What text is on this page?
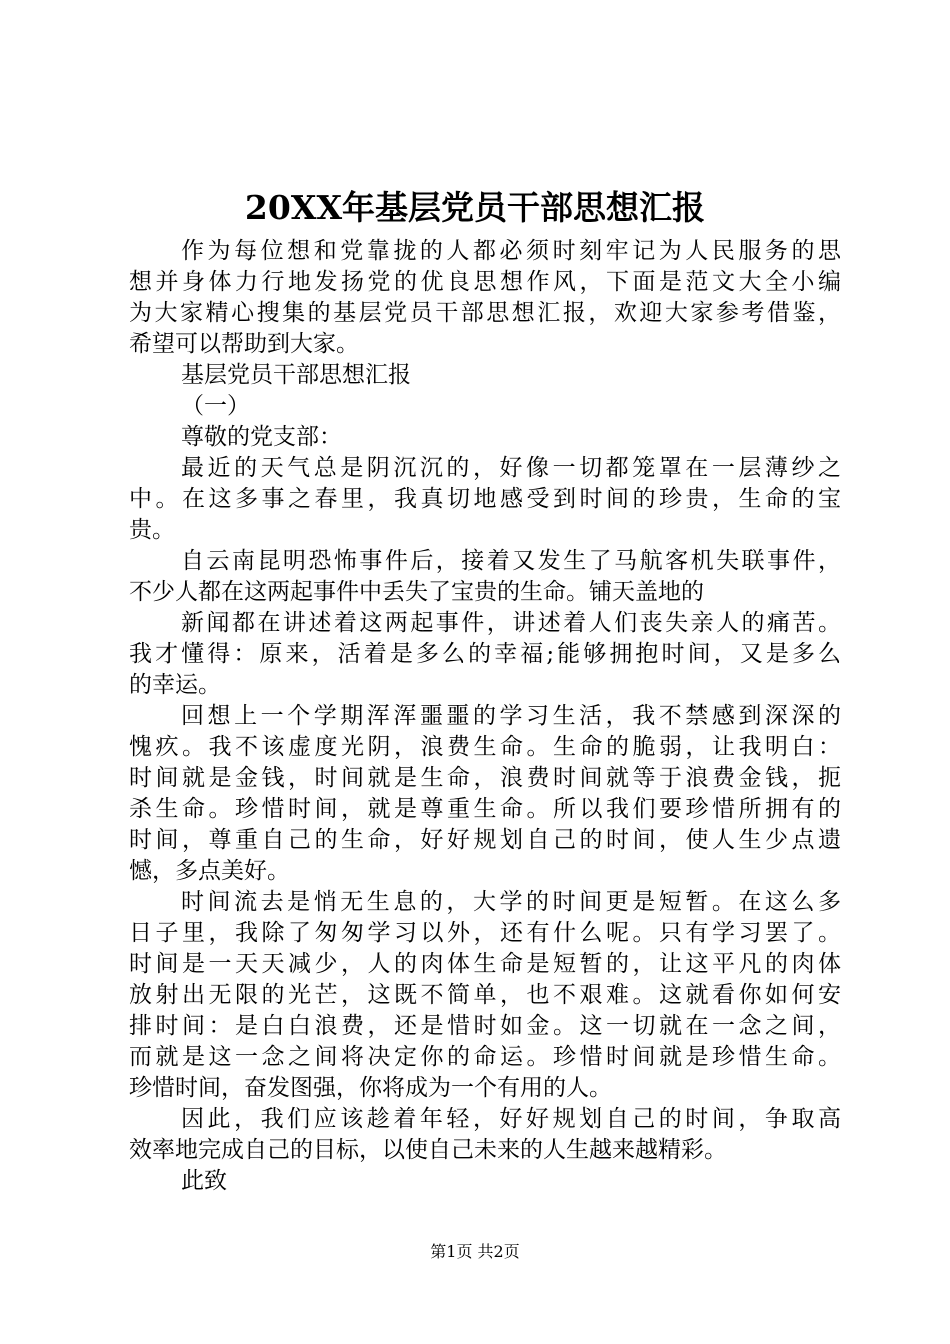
20XX年基层党员干部思想汇报
作为每位想和党靠拢的人都必须时刻牢记为人民服务的思
想并身体力行地发扬党的优良思想作风，下面是范文大全小编
为大家精心搜集的基层党员干部思想汇报，欢迎大家参考借鉴，
希望可以帮助到大家。
基层党员干部思想汇报
（一）
尊敬的党支部：
最近的天气总是阴沉沉的，好像一切都笼罩在一层薄纱之
中。在这多事之春里，我真切地感受到时间的珍贵，生命的宝
贵。
自云南昆明恐怖事件后，接着又发生了马航客机失联事件，
不少人都在这两起事件中丢失了宝贵的生命。铺天盖地的
新闻都在讲述着这两起事件，讲述着人们丧失亲人的痛苦。
我才懂得：原来，活着是多么的幸福;能够拥抱时间，又是多么
的幸运。
回想上一个学期浑浑噩噩的学习生活，我不禁感到深深的
愧疚。我不该虚度光阴，浪费生命。生命的脆弱，让我明白：
时间就是金钱，时间就是生命，浪费时间就等于浪费金钱，扼
杀生命。珍惜时间，就是尊重生命。所以我们要珍惜所拥有的
时间，尊重自己的生命，好好规划自己的时间，使人生少点遗
憾，多点美好。
时间流去是悄无生息的，大学的时间更是短暂。在这么多
日子里，我除了匆匆学习以外，还有什么呢。只有学习罢了。
时间是一天天减少，人的肉体生命是短暂的，让这平凡的肉体
放射出无限的光芒，这既不简单，也不艰难。这就看你如何安
排时间：是白白浪费，还是惜时如金。这一切就在一念之间，
而就是这一念之间将决定你的命运。珍惜时间就是珍惜生命。
珍惜时间，奋发图强，你将成为一个有用的人。
因此，我们应该趁着年轻，好好规划自己的时间，争取高
效率地完成自己的目标，以使自己未来的人生越来越精彩。
此致
第1页 共2页
